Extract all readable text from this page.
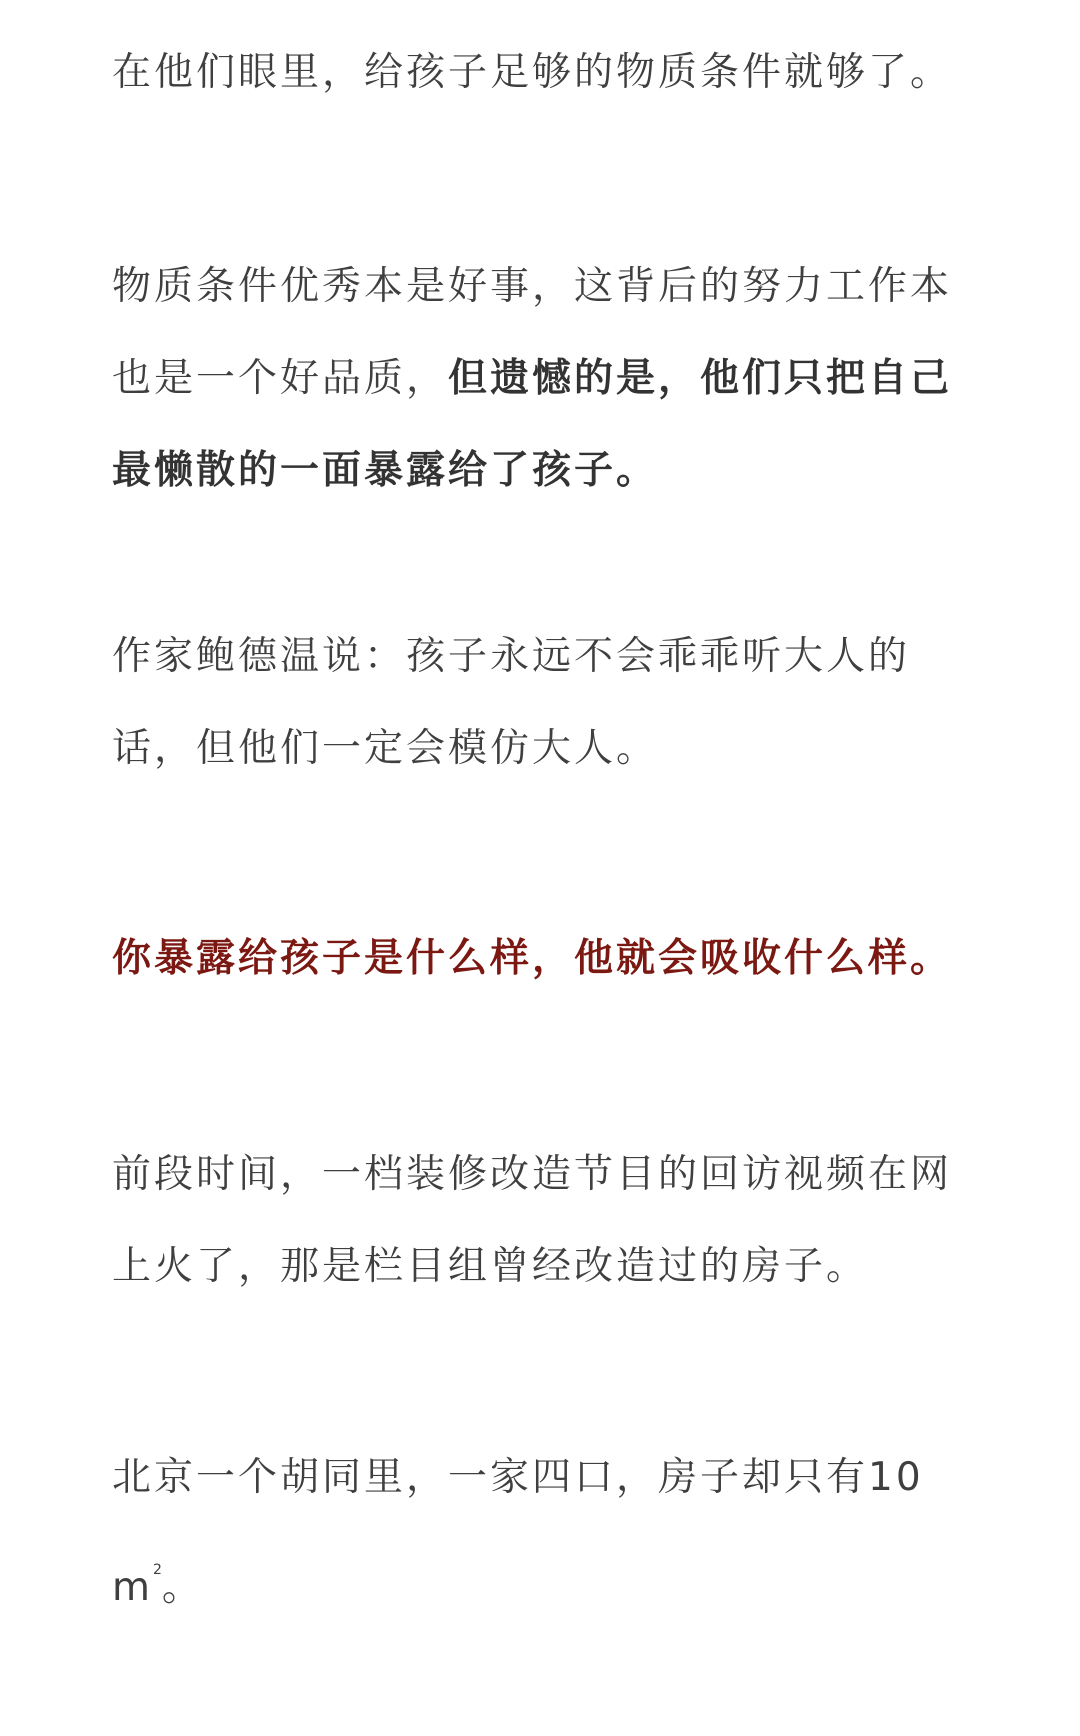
在他们眼里，给孩子足够的物质条件就够了。

物质条件优秀本是好事，这背后的努力工作本
也是一个好品质，但遗憾的是，他们只把自己
最懒散的一面暴露给了孩子。

作家鲍德温说：孩子永远不会乖乖听大人的
话，但他们一定会模仿大人。

你暴露给孩子是什么样，他就会吸收什么样。

前段时间，一档装修改造节目的回访视频在网
上火了，那是栏目组曾经改造过的房子。

北京一个胡同里，一家四口，房子却只有10
$m^2$。
